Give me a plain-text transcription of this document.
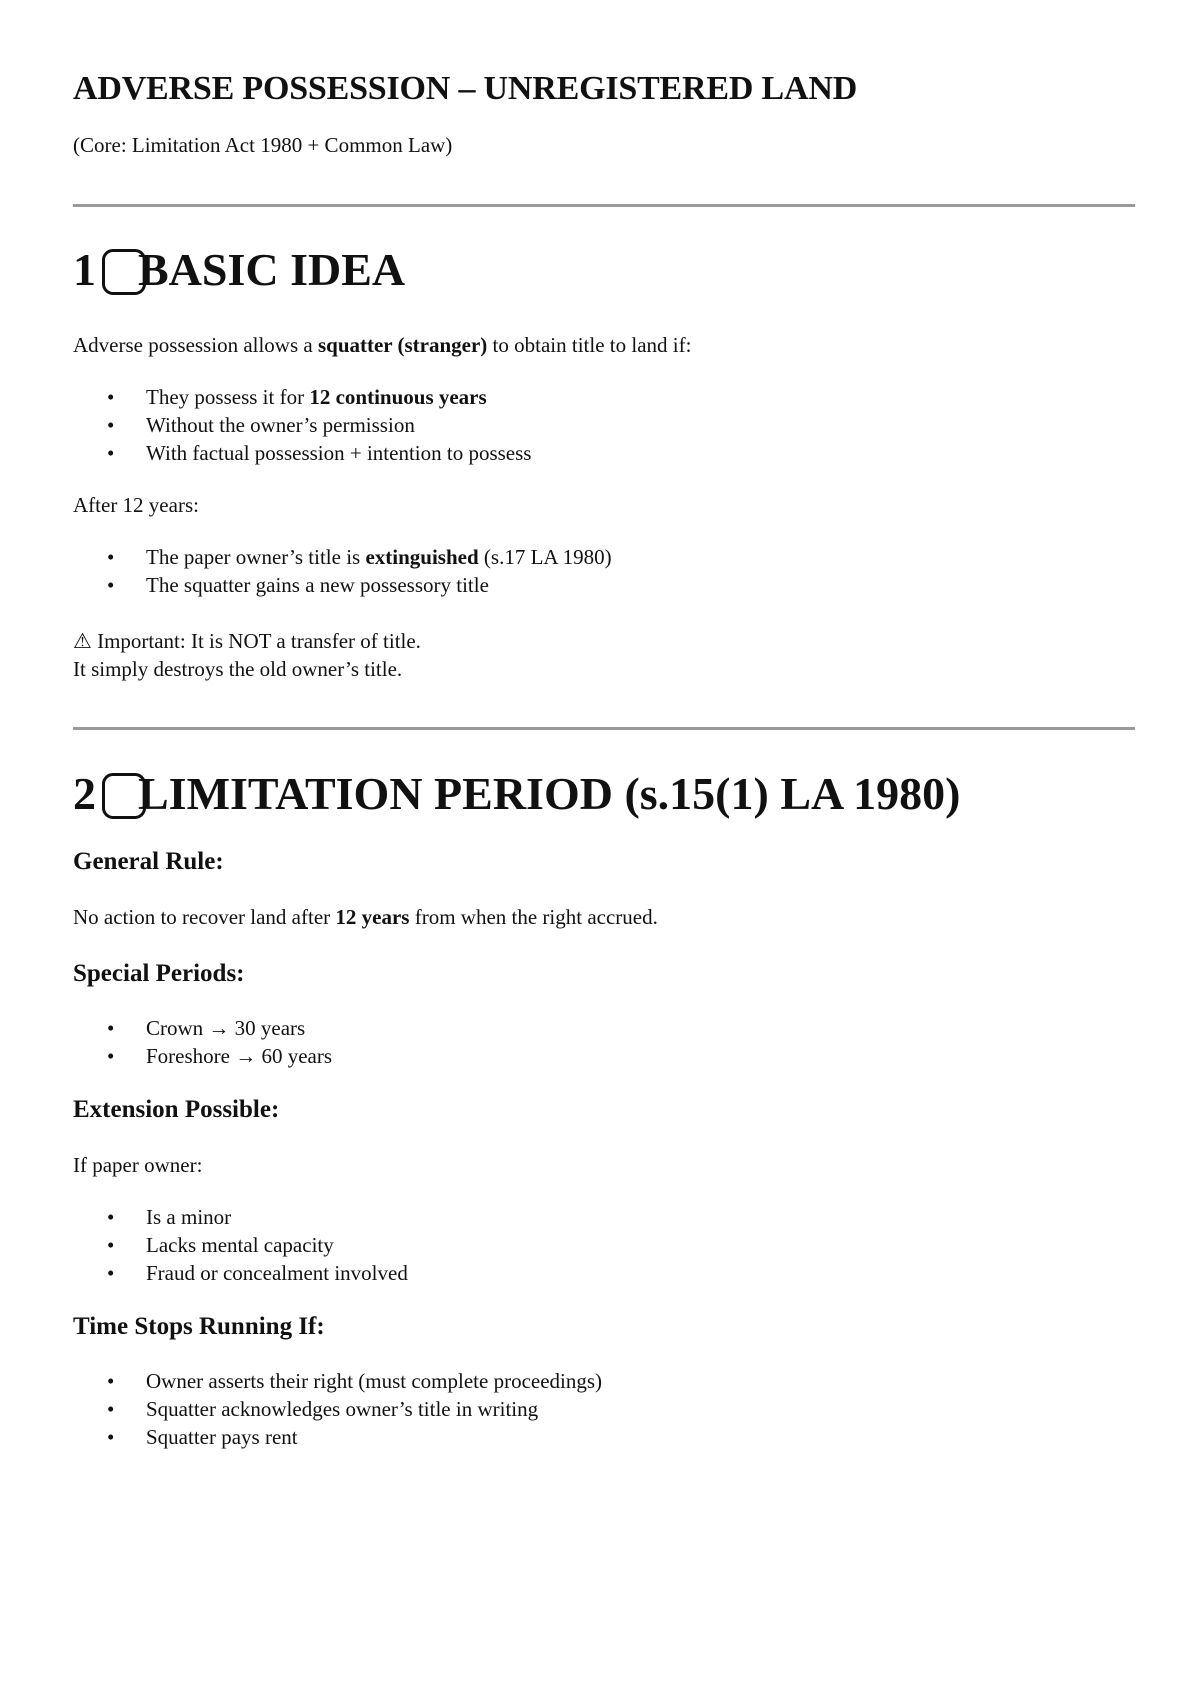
ADVERSE POSSESSION – UNREGISTERED LAND

(Core: Limitation Act 1980 + Common Law)

1 BASIC IDEA

Adverse possession allows a squatter (stranger) to obtain title to land if:

• They possess it for 12 continuous years
• Without the owner’s permission
• With factual possession + intention to possess

After 12 years:

• The paper owner’s title is extinguished (s.17 LA 1980)
• The squatter gains a new possessory title

⚠ Important: It is NOT a transfer of title.
It simply destroys the old owner’s title.

2 LIMITATION PERIOD (s.15(1) LA 1980)
General Rule:

No action to recover land after 12 years from when the right accrued.

Special Periods:
• Crown → 30 years
• Foreshore → 60 years
Extension Possible:

If paper owner:

• Is a minor
• Lacks mental capacity
• Fraud or concealment involved
Time Stops Running If:
• Owner asserts their right (must complete proceedings)
• Squatter acknowledges owner’s title in writing
• Squatter pays rent
